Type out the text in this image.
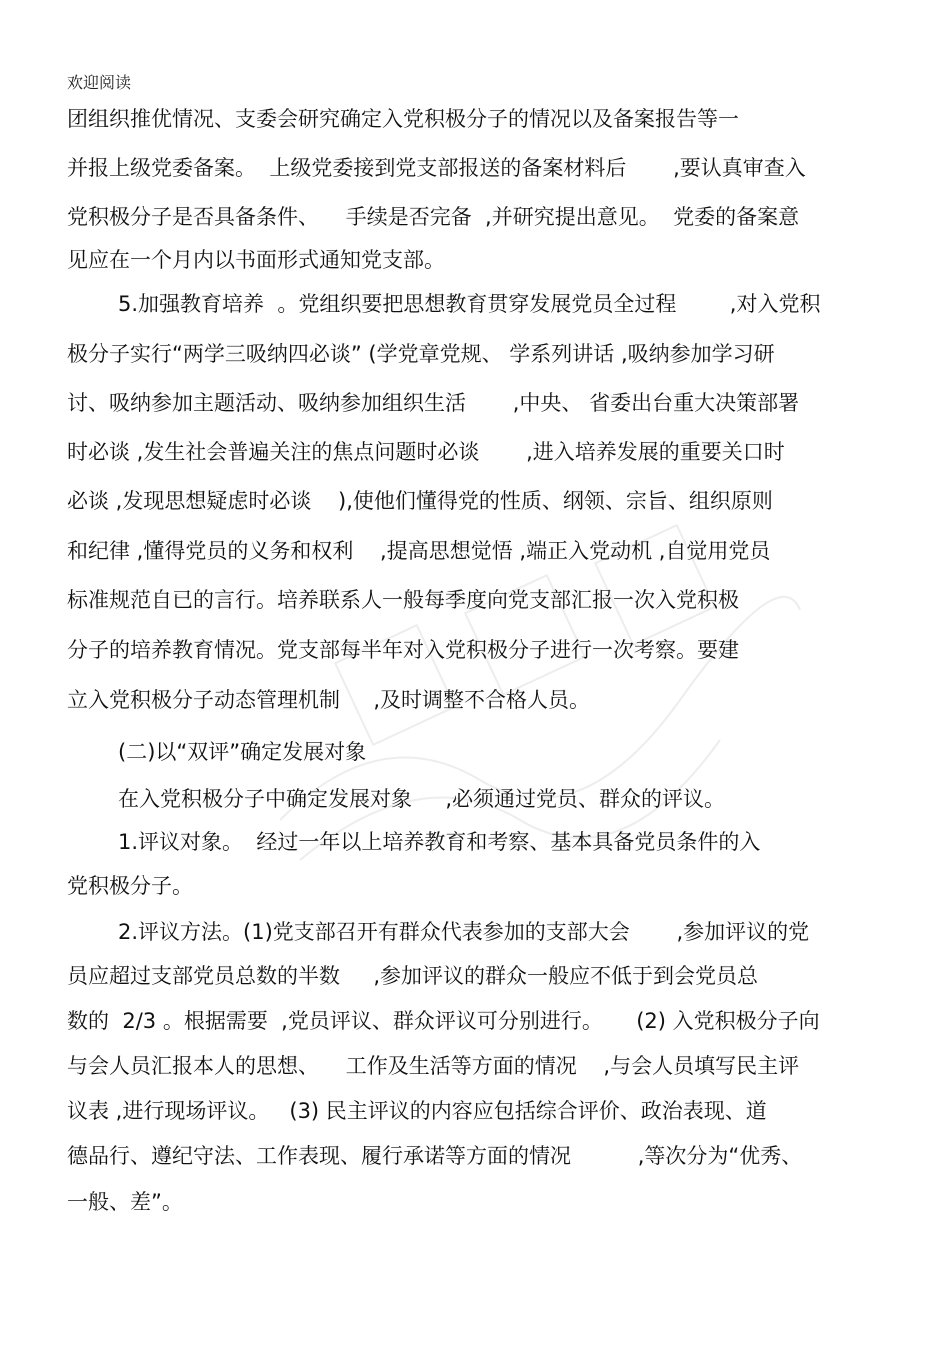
欢迎阅读
团组织推优情况、支委会研究确定入党积极分子的情况以及备案报告等一
并报上级党委备案。  上级党委接到党支部报送的备案材料后       ,要认真审查入
党积极分子是否具备条件、    手续是否完备  ,并研究提出意见。  党委的备案意
见应在一个月内以书面形式通知党支部。
5.加强教育培养  。党组织要把思想教育贯穿发展党员全过程        ,对入党积
极分子实行“两学三吸纳四必谈” (学党章党规、 学系列讲话 ,吸纳参加学习研
讨、吸纳参加主题活动、吸纳参加组织生活       ,中央、 省委出台重大决策部署
时必谈 ,发生社会普遍关注的焦点问题时必谈       ,进入培养发展的重要关口时
必谈 ,发现思想疑虑时必谈    ),使他们懂得党的性质、纲领、宗旨、组织原则
和纪律 ,懂得党员的义务和权利    ,提高思想觉悟 ,端正入党动机 ,自觉用党员
标准规范自已的言行。培养联系人一般每季度向党支部汇报一次入党积极
分子的培养教育情况。党支部每半年对入党积极分子进行一次考察。要建
立入党积极分子动态管理机制     ,及时调整不合格人员。
(二)以“双评”确定发展对象
在入党积极分子中确定发展对象     ,必须通过党员、群众的评议。
1.评议对象。  经过一年以上培养教育和考察、基本具备党员条件的入
党积极分子。
2.评议方法。(1)党支部召开有群众代表参加的支部大会       ,参加评议的党
员应超过支部党员总数的半数     ,参加评议的群众一般应不低于到会党员总
数的  2/3 。根据需要  ,党员评议、群众评议可分别进行。     (2) 入党积极分子向
与会人员汇报本人的思想、    工作及生活等方面的情况    ,与会人员填写民主评
议表 ,进行现场评议。   (3) 民主评议的内容应包括综合评价、政治表现、道
德品行、遵纪守法、工作表现、履行承诺等方面的情况          ,等次分为“优秀、
一般、差”。
